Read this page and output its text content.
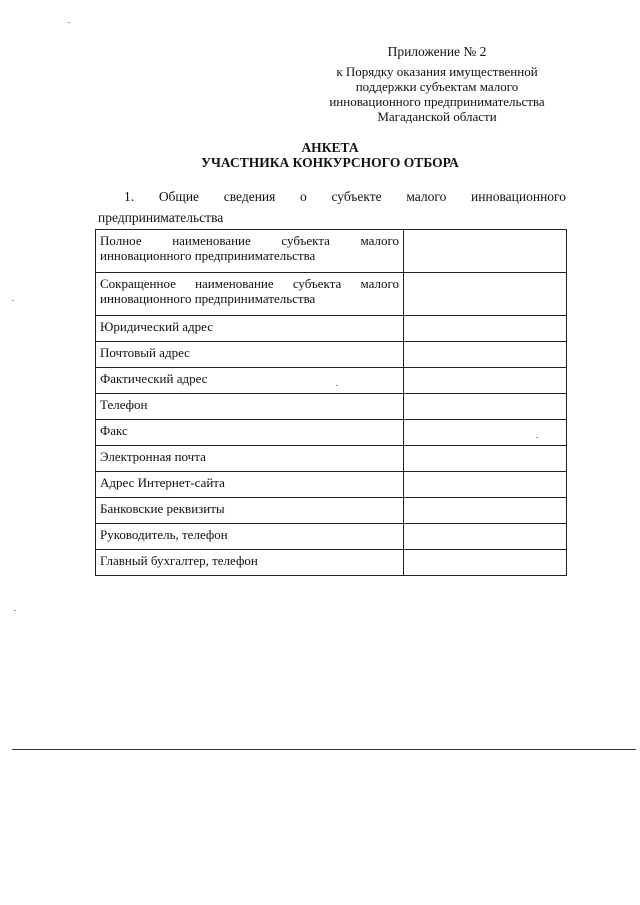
Приложение № 2
к Порядку оказания имущественной
поддержки субъектам малого
инновационного предпринимательства
Магаданской области
АНКЕТА
УЧАСТНИКА КОНКУРСНОГО ОТБОРА
1. Общие сведения о субъекте малого инновационного
предпринимательства
Полное наименование субъекта малого
инновационного предпринимательства	

Сокращенное наименование субъекта малого
инновационного предпринимательства	

Юридический адрес	
Почтовый адрес	
Фактический адрес	
Телефон	
Факс	
Электронная почта	
Адрес Интернет-сайта	
Банковские реквизиты	
Руководитель, телефон	
Главный бухгалтер, телефон	
